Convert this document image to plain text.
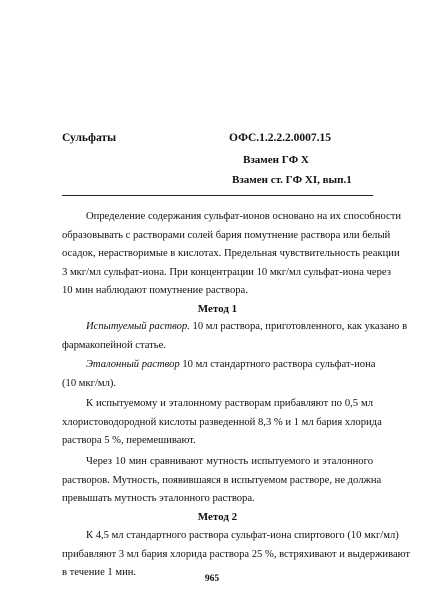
Сульфаты	ОФС.1.2.2.2.0007.15
Взамен ГФ X
Взамен ст. ГФ XI, вып.1
Определение содержания сульфат-ионов основано на их способности
образовывать с растворами солей бария помутнение раствора или белый
осадок, нерастворимые в кислотах. Предельная чувствительность реакции
3 мкг/мл сульфат-иона. При концентрации 10 мкг/мл сульфат-иона через
10 мин наблюдают помутнение раствора.
Метод 1
Испытуемый раствор. 10 мл раствора, приготовленного, как указано в
фармакопейной статье.
Эталонный раствор 10 мл стандартного раствора сульфат-иона
(10 мкг/мл).
К испытуемому и эталонному растворам прибавляют по 0,5 мл
хлористоводородной кислоты разведенной 8,3 % и 1 мл бария хлорида
раствора 5 %, перемешивают.
Через 10 мин сравнивают мутность испытуемого и эталонного
растворов. Мутность, появившаяся в испытуемом растворе, не должна
превышать мутность эталонного раствора.
Метод 2
К 4,5 мл стандартного раствора сульфат-иона спиртового (10 мкг/мл)
прибавляют 3 мл бария хлорида раствора 25 %, встряхивают и выдерживают
в течение 1 мин.
965
